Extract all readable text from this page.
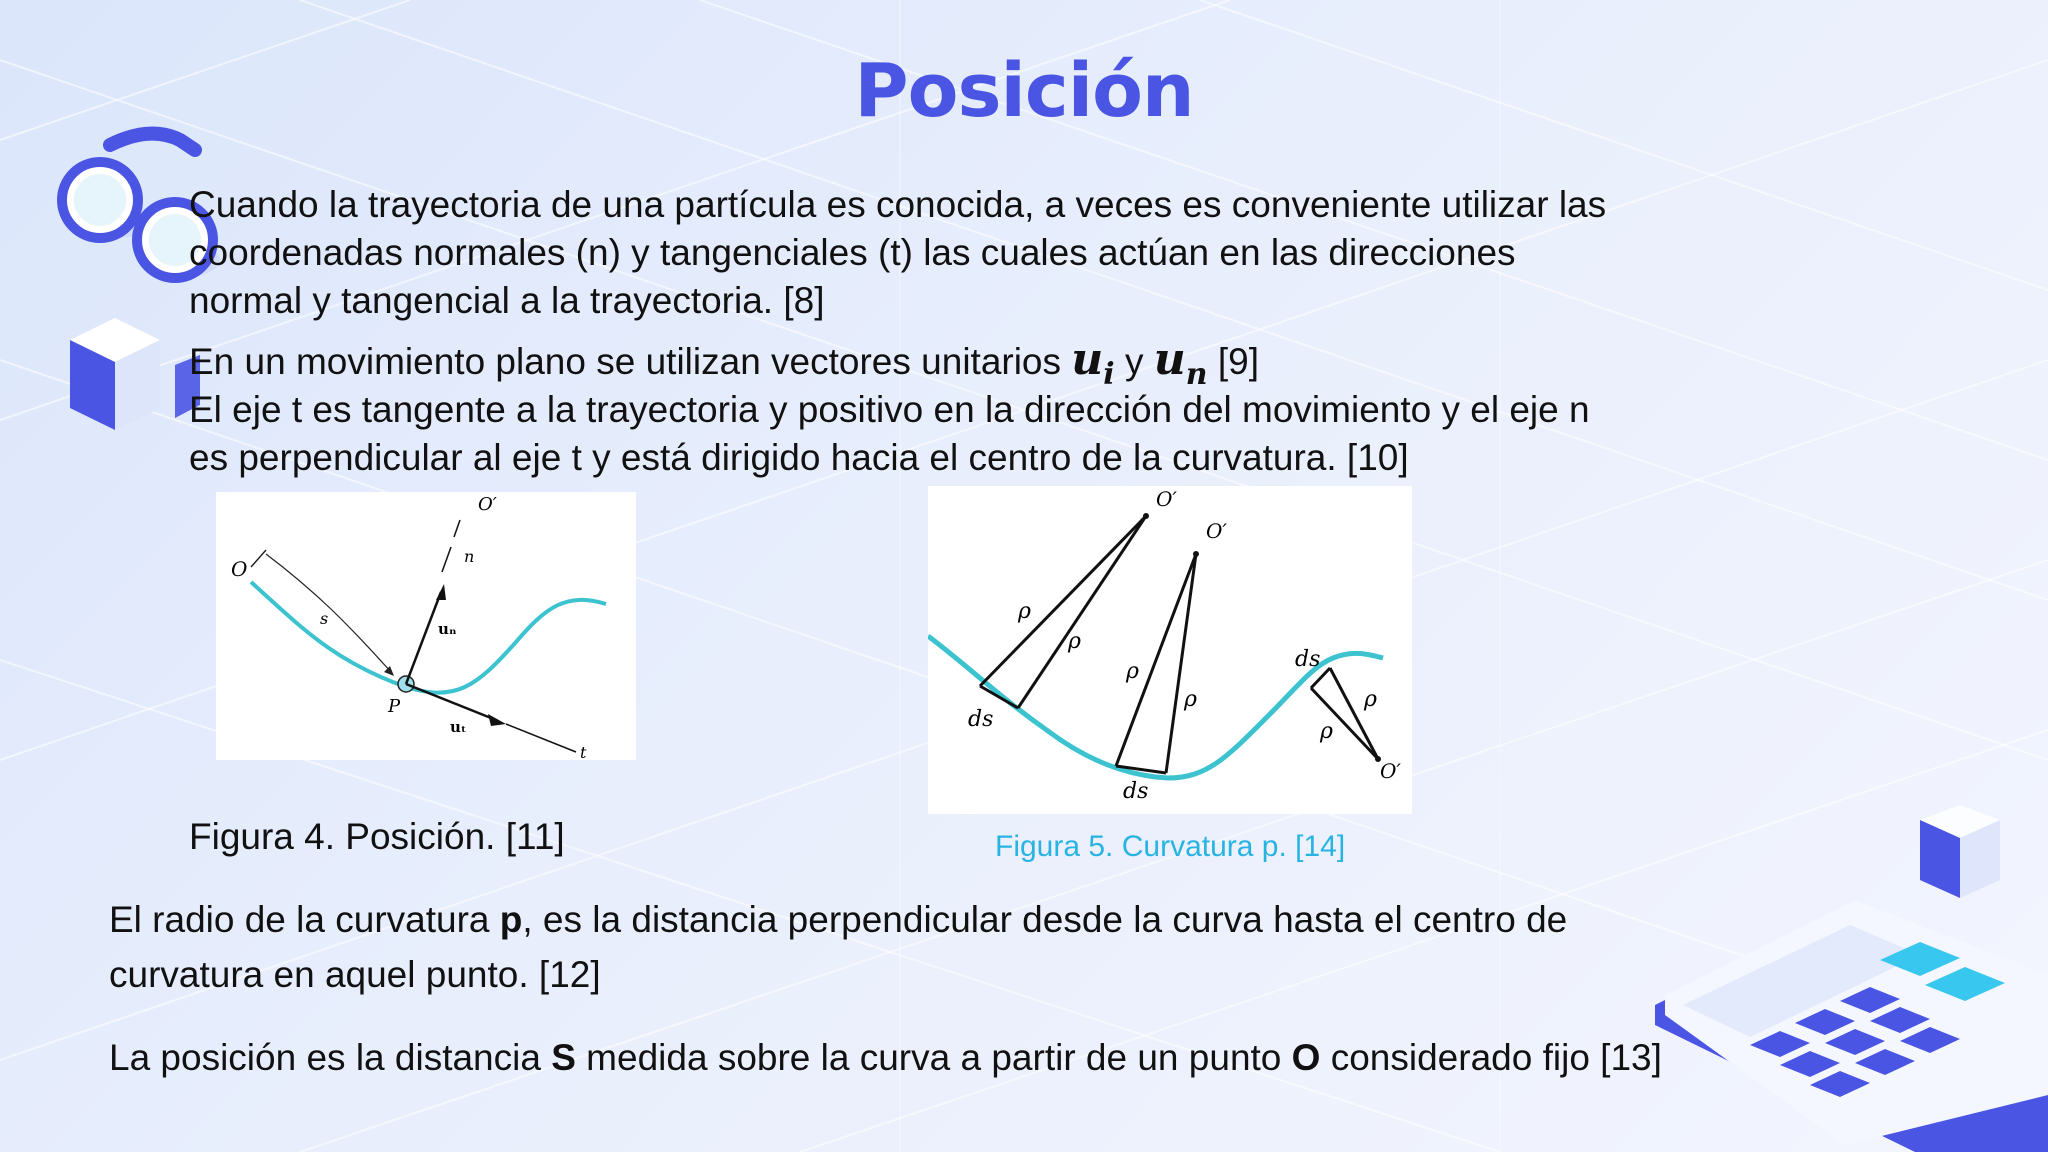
Posición

Cuando la trayectoria de una partícula es conocida, a veces es conveniente utilizar las coordenadas normales (n) y tangenciales (t) las cuales actúan en las direcciones normal y tangencial a la trayectoria. [8]

En un movimiento plano se utilizan vectores unitarios $u_i$ y $u_n$ [9]

El eje t es tangente a la trayectoria y positivo en la dirección del movimiento y el eje n es perpendicular al eje t y está dirigido hacia el centro de la curvatura. [10]

O
O′
n
s
uₙ
P
uₜ
t
O′
O′
O′
ρ
ρ
ρ
ρ	ρ
ρ
ds
ds
ds
Figura 4. Posición. [11]	Figura 5. Curvatura p. [14]

El radio de la curvatura p, es la distancia perpendicular desde la curva hasta el centro de curvatura en aquel punto. [12]

La posición es la distancia S medida sobre la curva a partir de un punto O considerado fijo [13]
